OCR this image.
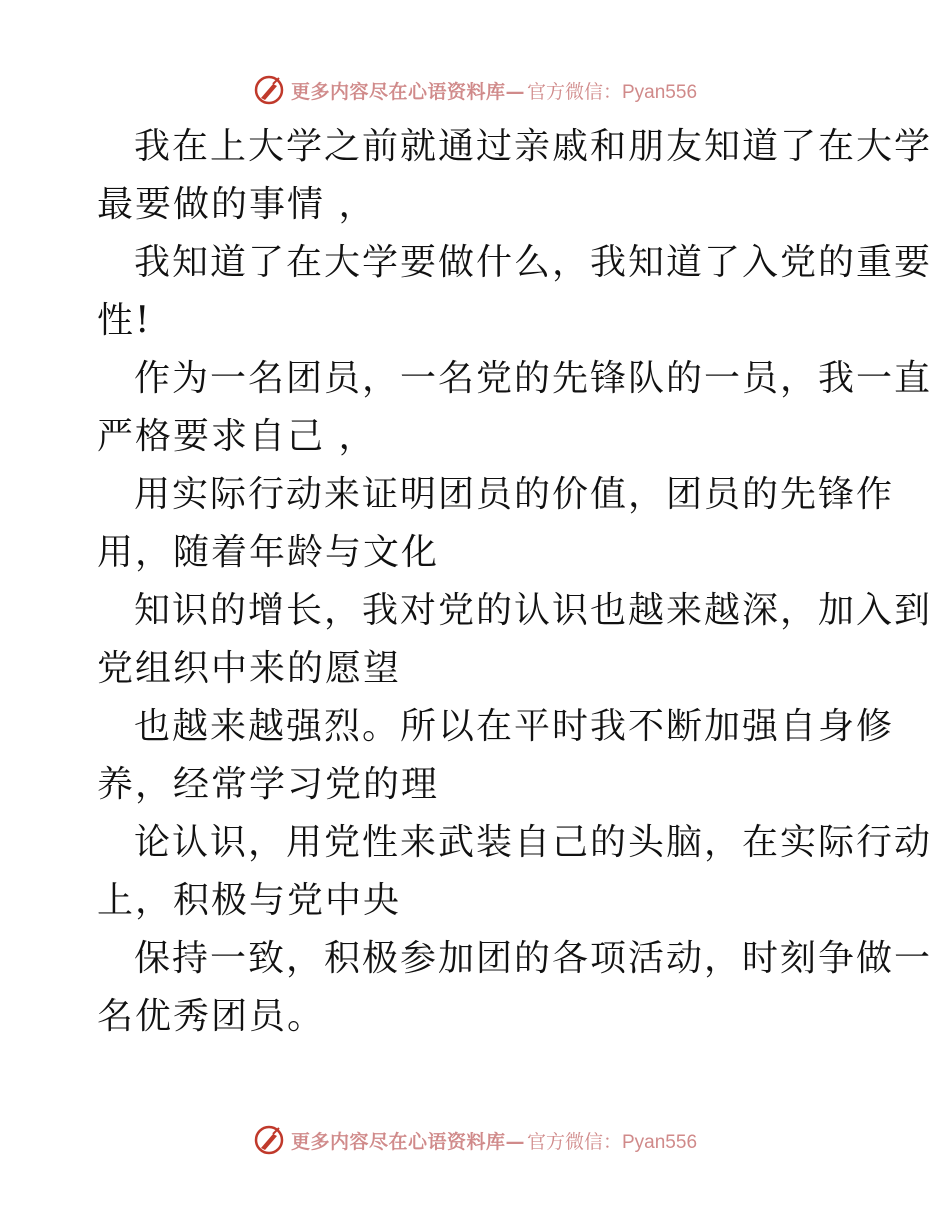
更多内容尽在心语资料库— 官方微信：Pyan556
我在上大学之前就通过亲戚和朋友知道了在大学
最要做的事情 ，
我知道了在大学要做什么，我知道了入党的重要
性!
作为一名团员，一名党的先锋队的一员，我一直
严格要求自己 ，
用实际行动来证明团员的价值，团员的先锋作
用，随着年龄与文化
知识的增长，我对党的认识也越来越深，加入到
党组织中来的愿望
也越来越强烈。所以在平时我不断加强自身修
养，经常学习党的理
论认识，用党性来武装自己的头脑，在实际行动
上，积极与党中央
保持一致，积极参加团的各项活动，时刻争做一
名优秀团员。
更多内容尽在心语资料库— 官方微信：Pyan556
